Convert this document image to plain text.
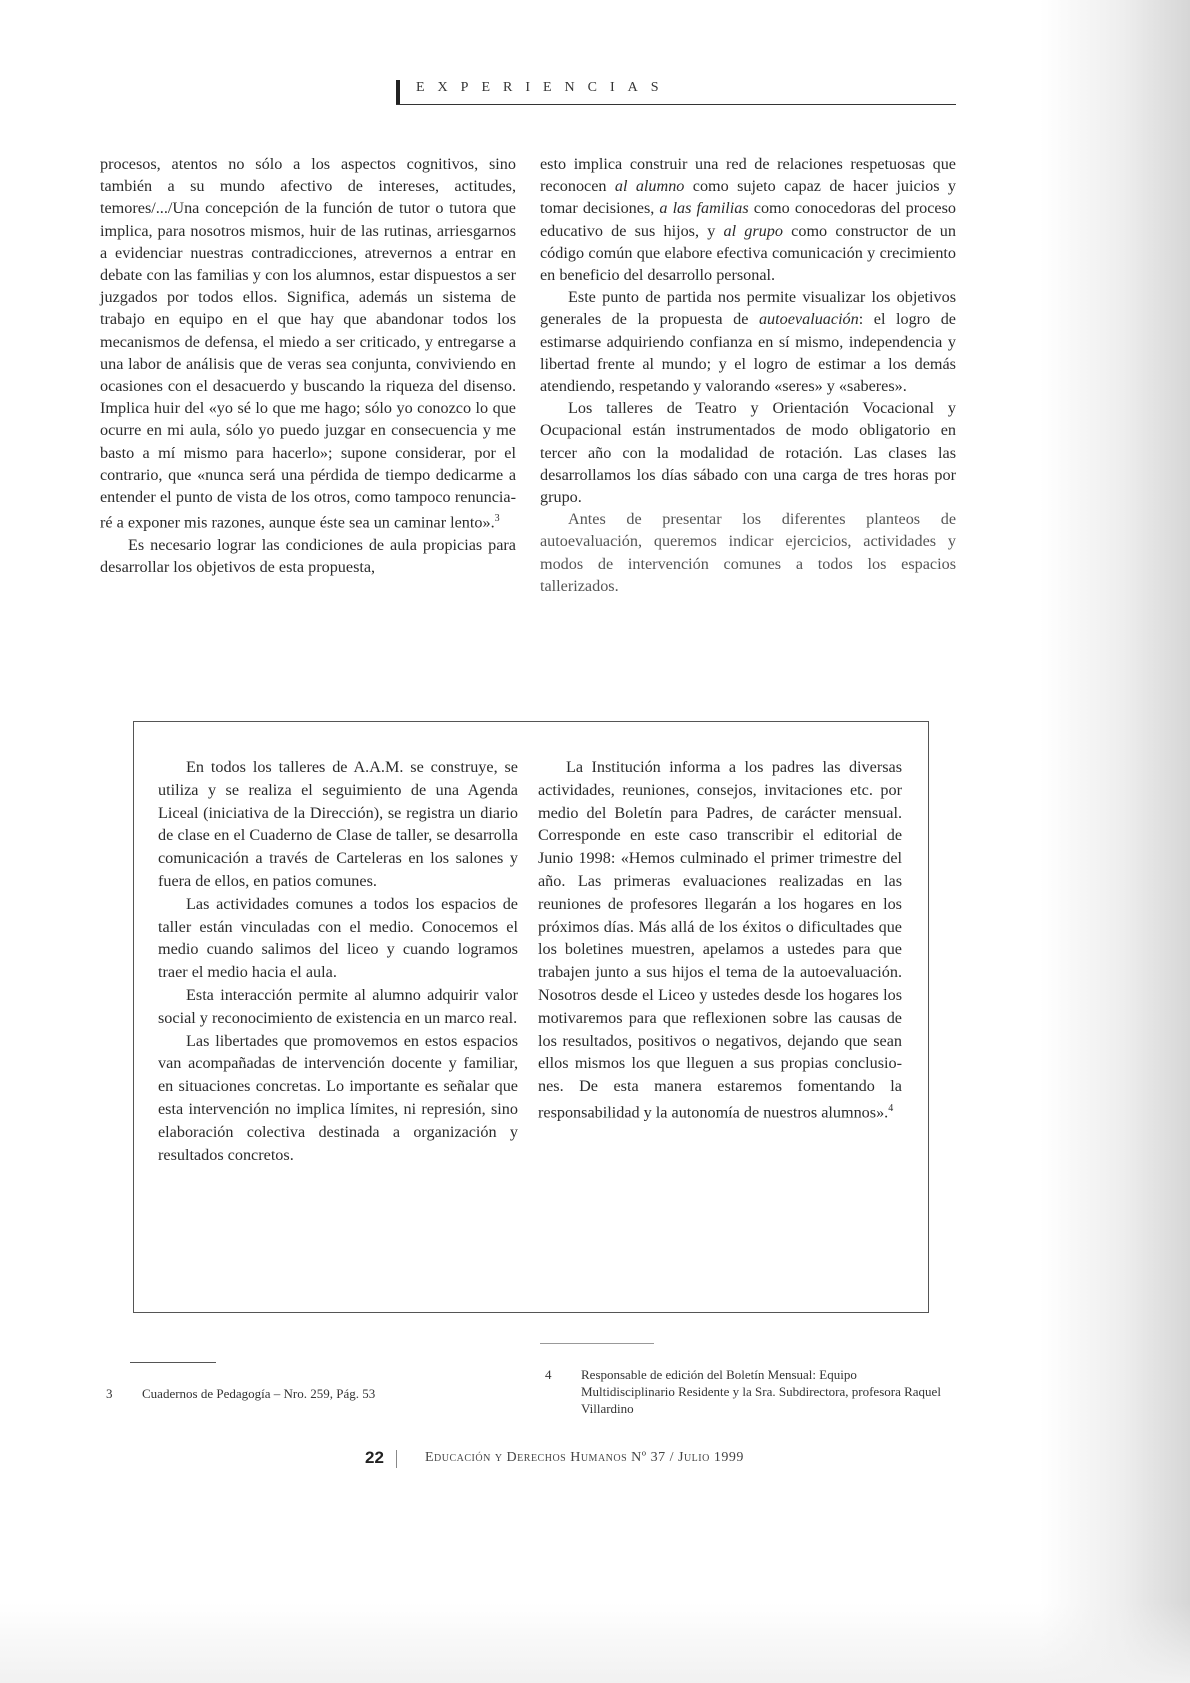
EXPERIENCIAS

procesos, atentos no sólo a los aspectos cognitivos, sino también a su mundo afectivo de intereses, actitudes, temores/.../Una concepción de la función de tutor o tutora que implica, para nosotros mismos, huir de las rutinas, arriesgarnos a evidenciar nuestras contradicciones, atrevernos a entrar en debate con las familias y con los alumnos, estar dispuestos a ser juzgados por todos ellos. Significa, además un sistema de trabajo en equipo en el que hay que abandonar todos los mecanismos de defensa, el miedo a ser criticado, y entregarse a una labor de análisis que de veras sea conjunta, conviviendo en ocasiones con el desacuerdo y buscando la riqueza del disenso. Implica huir del «yo sé lo que me hago; sólo yo conozco lo que ocurre en mi aula, sólo yo puedo juzgar en consecuencia y me basto a mí mismo para hacerlo»; supone considerar, por el contrario, que «nunca será una pérdida de tiempo dedicarme a entender el punto de vista de los otros, como tampoco renunciaré a exponer mis razones, aunque éste sea un caminar lento».$^3$

Es necesario lograr las condiciones de aula propicias para desarrollar los objetivos de esta propuesta,

esto implica construir una red de relaciones respetuosas que reconocen al alumno como sujeto capaz de hacer juicios y tomar decisiones, a las familias como conocedoras del proceso educativo de sus hijos, y al grupo como constructor de un código común que elabore efectiva comunicación y crecimiento en beneficio del desarrollo personal.

Este punto de partida nos permite visualizar los objetivos generales de la propuesta de autoevaluación: el logro de estimarse adquiriendo confianza en sí mismo, independencia y libertad frente al mundo; y el logro de estimar a los demás atendiendo, respetando y valorando «seres» y «saberes».

Los talleres de Teatro y Orientación Vocacional y Ocupacional están instrumentados de modo obligatorio en tercer año con la modalidad de rotación. Las clases las desarrollamos los días sábado con una carga de tres horas por grupo.

Antes de presentar los diferentes planteos de autoevaluación, queremos indicar ejercicios, actividades y modos de intervención comunes a todos los espacios tallerizados.

En todos los talleres de A.A.M. se construye, se utiliza y se realiza el seguimiento de una Agenda Liceal (iniciativa de la Dirección), se registra un diario de clase en el Cuaderno de Clase de taller, se desarrolla comunicación a través de Carteleras en los salones y fuera de ellos, en patios comunes.

Las actividades comunes a todos los espacios de taller están vinculadas con el medio. Conocemos el medio cuando salimos del liceo y cuando logramos traer el medio hacia el aula.

Esta interacción permite al alumno adquirir valor social y reconocimiento de existencia en un marco real.

Las libertades que promovemos en estos espacios van acompañadas de intervención docente y familiar, en situaciones concretas. Lo importante es señalar que esta intervención no implica límites, ni represión, sino elaboración colectiva destinada a organización y resultados concretos.

La Institución informa a los padres las diversas actividades, reuniones, consejos, invitaciones etc. por medio del Boletín para Padres, de carácter mensual. Corresponde en este caso transcribir el editorial de Junio 1998: «Hemos culminado el primer trimestre del año. Las primeras evaluaciones realizadas en las reuniones de profesores llegarán a los hogares en los próximos días. Más allá de los éxitos o dificultades que los boletines muestren, apelamos a ustedes para que trabajen junto a sus hijos el tema de la autoevaluación. Nosotros desde el Liceo y ustedes desde los hogares los motivaremos para que reflexionen sobre las causas de los resultados, positivos o negativos, dejando que sean ellos mismos los que lleguen a sus propias conclusiones. De esta manera estaremos fomentando la responsabilidad y la autonomía de nuestros alumnos».$^4$

3 Cuadernos de Pedagogía – Nro. 259, Pág. 53
4 Responsable de edición del Boletín Mensual: Equipo Multidisciplinario Residente y la Sra. Subdirectora, profesora Raquel Villardino
22	Educación y Derechos Humanos Nº 37 / Julio 1999
